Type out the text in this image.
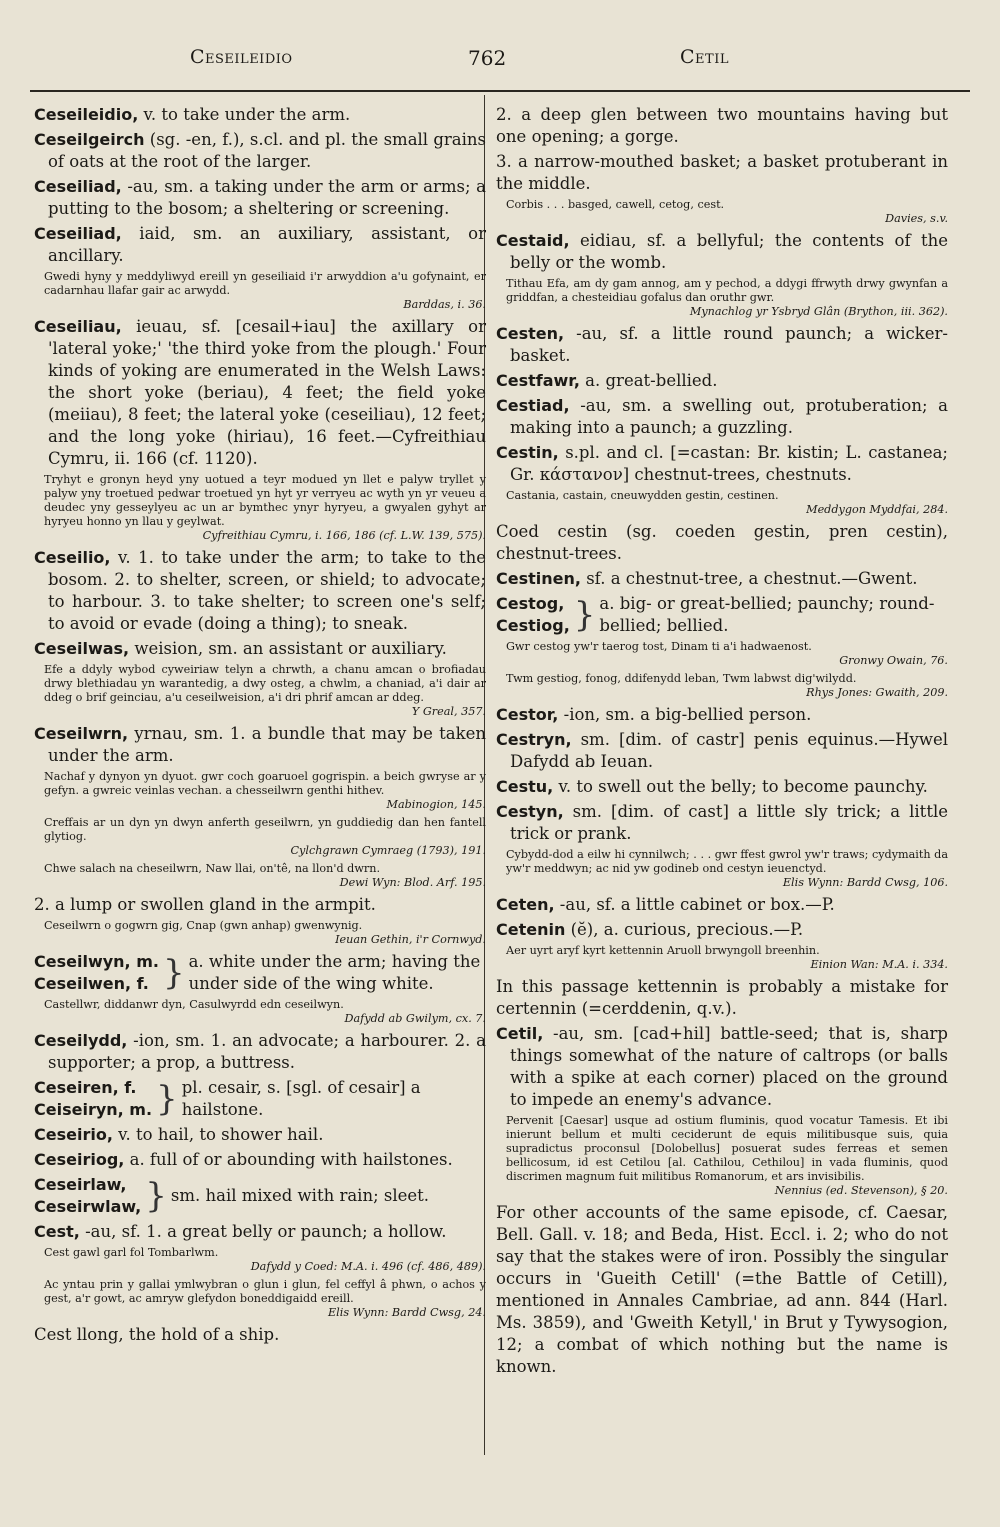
Ceseileidio	762	Cetil

Ceseileidio, v. to take under the arm.

Ceseilgeirch (sg. -en, f.), s.cl. and pl. the small grains of oats at the root of the larger.

Ceseiliad, -au, sm. a taking under the arm or arms; a putting to the bosom; a sheltering or screening.

Ceseiliad, iaid, sm. an auxiliary, assistant, or ancillary.

Gwedi hyny y meddyliwyd ereill yn geseiliaid i'r arwyddion a'u gofynaint, er cadarnhau llafar gair ac arwydd.
Barddas, i. 36.

Ceseiliau, ieuau, sf. [cesail+iau] the axillary or 'lateral yoke;' 'the third yoke from the plough.' Four kinds of yoking are enumerated in the Welsh Laws: the short yoke (beriau), 4 feet; the field yoke (meiiau), 8 feet; the lateral yoke (ceseiliau), 12 feet; and the long yoke (hiriau), 16 feet.—Cyfreithiau Cymru, ii. 166 (cf. 1120).

Tryhyt e gronyn heyd yny uotued a teyr modued yn llet e palyw tryllet y palyw yny troetued pedwar troetued yn hyt yr verryeu ac wyth yn yr veueu a deudec yny gesseylyeu ac un ar bymthec ynyr hyryeu, a gwyalen gyhyt ar hyryeu honno yn llau y geylwat.
Cyfreithiau Cymru, i. 166, 186 (cf. L.W. 139, 575).

Ceseilio, v. 1. to take under the arm; to take to the bosom. 2. to shelter, screen, or shield; to advocate; to harbour. 3. to take shelter; to screen one's self; to avoid or evade (doing a thing); to sneak.

Ceseilwas, weision, sm. an assistant or auxiliary.

Efe a ddyly wybod cyweiriaw telyn a chrwth, a chanu amcan o brofiadau drwy blethiadau yn warantedig, a dwy osteg, a chwlm, a chaniad, a'i dair ar ddeg o brif geinciau, a'u ceseilweision, a'i dri phrif amcan ar ddeg.
Y Greal, 357.

Ceseilwrn, yrnau, sm. 1. a bundle that may be taken under the arm.

Nachaf y dynyon yn dyuot. gwr coch goaruoel gogrispin. a beich gwryse ar y gefyn. a gwreic veinlas vechan. a chesseilwrn genthi hithev.
Mabinogion, 145.
Creffais ar un dyn yn dwyn anferth geseilwrn, yn guddiedig dan hen fantell glytiog.
Cylchgrawn Cymraeg (1793), 191.
Chwe salach na cheseilwrn, Naw llai, on'tê, na llon'd dwrn.
Dewi Wyn: Blod. Arf. 195.

2. a lump or swollen gland in the armpit.

Ceseilwrn o gogwrn gig, Cnap (gwn anhap) gwenwynig.
Ieuan Gethin, i'r Cornwyd.
Ceseilwyn, m.
Ceseilwen, f. } a. white under the arm; having the under side of the wing white.
Castellwr, diddanwr dyn, Casulwyrdd edn ceseilwyn.
Dafydd ab Gwilym, cx. 7.

Ceseilydd, -ion, sm. 1. an advocate; a harbourer. 2. a supporter; a prop, a buttress.

Ceseiren, f.
Ceiseiryn, m. } pl. cesair, s. [sgl. of cesair] a hailstone.

Ceseirio, v. to hail, to shower hail.

Ceseiriog, a. full of or abounding with hailstones.

Ceseirlaw,
Ceseirwlaw, } sm. hail mixed with rain; sleet.

Cest, -au, sf. 1. a great belly or paunch; a hollow.

Cest gawl garl fol Tombarlwm.
Dafydd y Coed: M.A. i. 496 (cf. 486, 489).
Ac yntau prin y gallai ymlwybran o glun i glun, fel ceffyl â phwn, o achos y gest, a'r gowt, ac amryw glefydon boneddigaidd ereill.
Elis Wynn: Bardd Cwsg, 24.

Cest llong, the hold of a ship.

2. a deep glen between two mountains having but one opening; a gorge.

3. a narrow-mouthed basket; a basket protuberant in the middle.

Corbis . . . basged, cawell, cetog, cest.
Davies, s.v.

Cestaid, eidiau, sf. a bellyful; the contents of the belly or the womb.

Tithau Efa, am dy gam annog, am y pechod, a ddygi ffrwyth drwy gwynfan a griddfan, a chesteidiau gofalus dan oruthr gwr.
Mynachlog yr Ysbryd Glân (Brython, iii. 362).

Cesten, -au, sf. a little round paunch; a wicker-basket.

Cestfawr, a. great-bellied.

Cestiad, -au, sm. a swelling out, protuberation; a making into a paunch; a guzzling.

Cestin, s.pl. and cl. [=castan: Br. kistin; L. castanea; Gr. κάστανον] chestnut-trees, chestnuts.

Castania, castain, cneuwydden gestin, cestinen.
Meddygon Myddfai, 284.

Coed cestin (sg. coeden gestin, pren cestin), chestnut-trees.

Cestinen, sf. a chestnut-tree, a chestnut.—Gwent.

Cestog,
Cestiog, } a. big- or great-bellied; paunchy; round-bellied; bellied.
Gwr cestog yw'r taerog tost, Dinam ti a'i hadwaenost.
Gronwy Owain, 76.
Twm gestiog, fonog, ddifenydd leban, Twm labwst dig'wilydd.
Rhys Jones: Gwaith, 209.

Cestor, -ion, sm. a big-bellied person.

Cestryn, sm. [dim. of castr] penis equinus.—Hywel Dafydd ab Ieuan.

Cestu, v. to swell out the belly; to become paunchy.

Cestyn, sm. [dim. of cast] a little sly trick; a little trick or prank.

Cybydd-dod a eilw hi cynnilwch; . . . gwr ffest gwrol yw'r traws; cydymaith da yw'r meddwyn; ac nid yw godineb ond cestyn ieuenctyd.
Elis Wynn: Bardd Cwsg, 106.

Ceten, -au, sf. a little cabinet or box.—P.

Cetenin (ĕ), a. curious, precious.—P.

Aer uyrt aryf kyrt kettennin Aruoll brwyngoll breenhin.
Einion Wan: M.A. i. 334.

In this passage kettennin is probably a mistake for certennin (=cerddenin, q.v.).

Cetil, -au, sm. [cad+hil] battle-seed; that is, sharp things somewhat of the nature of caltrops (or balls with a spike at each corner) placed on the ground to impede an enemy's advance.

Pervenit [Caesar] usque ad ostium fluminis, quod vocatur Tamesis. Et ibi inierunt bellum et multi ceciderunt de equis militibusque suis, quia supradictus proconsul [Dolobellus] posuerat sudes ferreas et semen bellicosum, id est Cetilou [al. Cathilou, Cethilou] in vada fluminis, quod discrimen magnum fuit militibus Romanorum, et ars invisibilis.
Nennius (ed. Stevenson), § 20.

For other accounts of the same episode, cf. Caesar, Bell. Gall. v. 18; and Beda, Hist. Eccl. i. 2; who do not say that the stakes were of iron. Possibly the singular occurs in 'Gueith Cetill' (=the Battle of Cetill), mentioned in Annales Cambriae, ad ann. 844 (Harl. Ms. 3859), and 'Gweith Ketyll,' in Brut y Tywysogion, 12; a combat of which nothing but the name is known.
